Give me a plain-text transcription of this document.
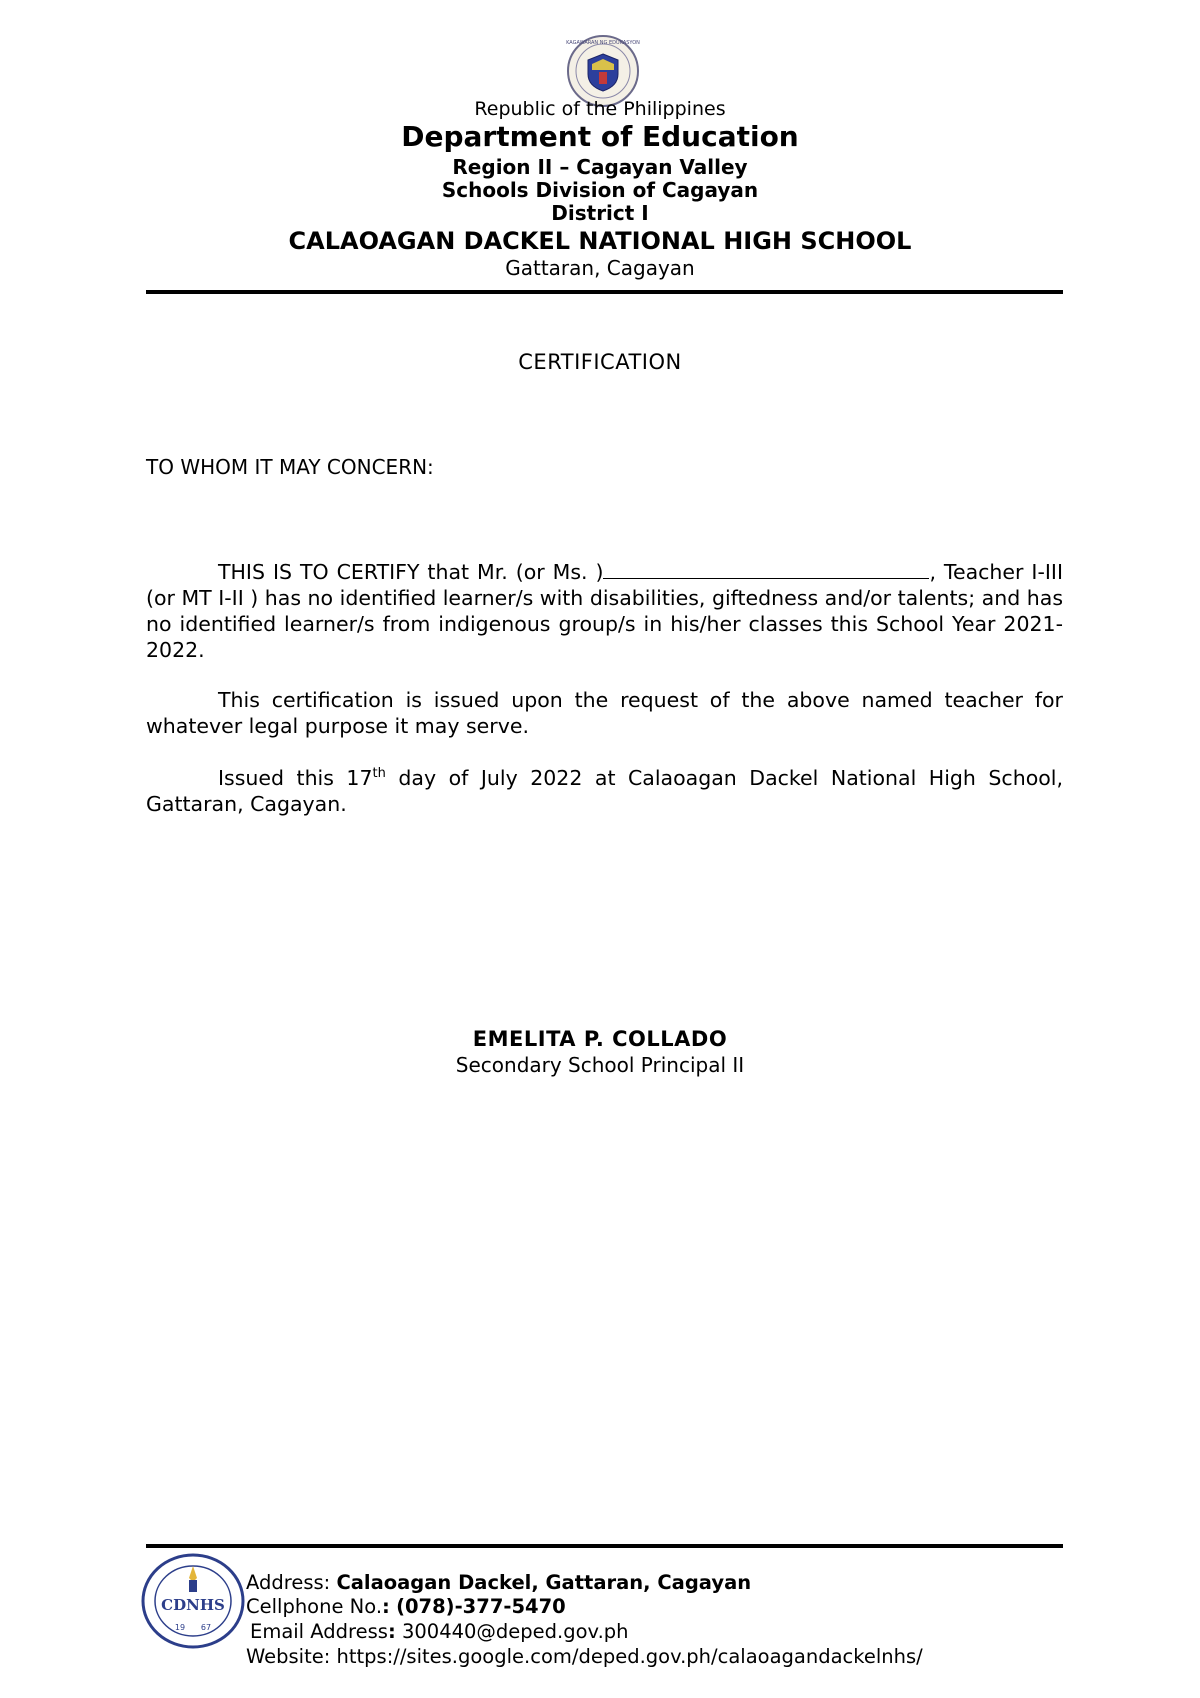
KAGAWARAN NG EDUKASYON
Republic of the Philippines
Department of Education
Region II – Cagayan Valley
Schools Division of Cagayan
District I
CALAOAGAN DACKEL NATIONAL HIGH SCHOOL
Gattaran, Cagayan
CERTIFICATION
TO WHOM IT MAY CONCERN:
THIS IS TO CERTIFY that Mr. (or Ms. )	, Teacher I-III (or MT I-II ) has no identified learner/s with disabilities, giftedness and/or talents; and has no identified learner/s from indigenous group/s in his/her classes this School Year 2021-2022.
This certification is issued upon the request of the above named teacher for whatever legal purpose it may serve.
Issued this 17th day of July 2022 at Calaoagan Dackel National High School, Gattaran, Cagayan.
EMELITA P. COLLADO
Secondary School Principal II
CDNHS
19 67
Address: Calaoagan Dackel, Gattaran, Cagayan
Cellphone No.: (078)-377-5470
Email Address: 300440@deped.gov.ph
Website: https://sites.google.com/deped.gov.ph/calaoagandackelnhs/
